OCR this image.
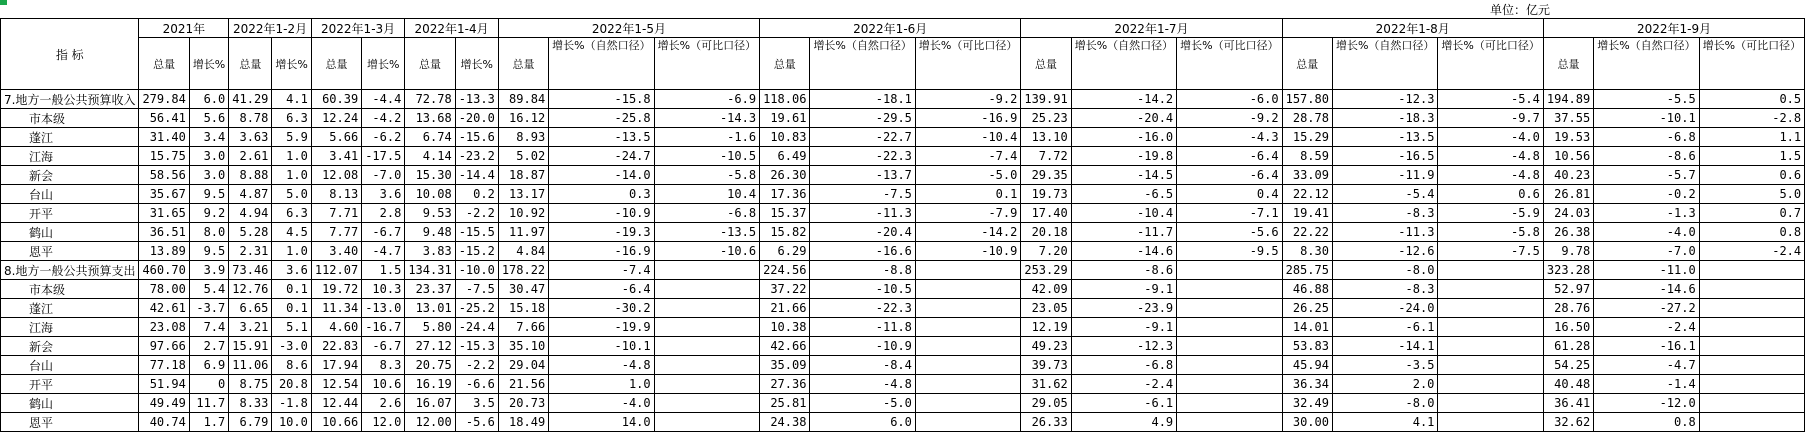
单位：亿元
指 标	2021年		2022年1-2月		2022年1-3月		2022年1-4月		2022年1-5月			2022年1-6月			2022年1-7月			2022年1-8月			2022年1-9月		
	总量	增长%	总量	增长%	总量	增长%	总量	增长%	总量	增长%（自然口径）	增长%（可比口径）	总量	增长%（自然口径）	增长%（可比口径）	总量	增长%（自然口径）	增长%（可比口径）	总量	增长%（自然口径）	增长%（可比口径）	总量	增长%（自然口径）	增长%（可比口径）
7.地方一般公共预算收入	279.84	6.0	41.29	4.1	60.39	-4.4	72.78	-13.3	89.84	-15.8	-6.9	118.06	-18.1	-9.2	139.91	-14.2	-6.0	157.80	-12.3	-5.4	194.89	-5.5	0.5
市本级	56.41	5.6	8.78	6.3	12.24	-4.2	13.68	-20.0	16.12	-25.8	-14.3	19.61	-29.5	-16.9	25.23	-20.4	-9.2	28.78	-18.3	-9.7	37.55	-10.1	-2.8
蓬江	31.40	3.4	3.63	5.9	5.66	-6.2	6.74	-15.6	8.93	-13.5	-1.6	10.83	-22.7	-10.4	13.10	-16.0	-4.3	15.29	-13.5	-4.0	19.53	-6.8	1.1
江海	15.75	3.0	2.61	1.0	3.41	-17.5	4.14	-23.2	5.02	-24.7	-10.5	6.49	-22.3	-7.4	7.72	-19.8	-6.4	8.59	-16.5	-4.8	10.56	-8.6	1.5
新会	58.56	3.0	8.88	1.0	12.08	-7.0	15.30	-14.4	18.87	-14.0	-5.8	26.30	-13.7	-5.0	29.35	-14.5	-6.4	33.09	-11.9	-4.8	40.23	-5.7	0.6
台山	35.67	9.5	4.87	5.0	8.13	3.6	10.08	0.2	13.17	0.3	10.4	17.36	-7.5	0.1	19.73	-6.5	0.4	22.12	-5.4	0.6	26.81	-0.2	5.0
开平	31.65	9.2	4.94	6.3	7.71	2.8	9.53	-2.2	10.92	-10.9	-6.8	15.37	-11.3	-7.9	17.40	-10.4	-7.1	19.41	-8.3	-5.9	24.03	-1.3	0.7
鹤山	36.51	8.0	5.28	4.5	7.77	-6.7	9.48	-15.5	11.97	-19.3	-13.5	15.82	-20.4	-14.2	20.18	-11.7	-5.6	22.22	-11.3	-5.8	26.38	-4.0	0.8
恩平	13.89	9.5	2.31	1.0	3.40	-4.7	3.83	-15.2	4.84	-16.9	-10.6	6.29	-16.6	-10.9	7.20	-14.6	-9.5	8.30	-12.6	-7.5	9.78	-7.0	-2.4
8.地方一般公共预算支出	460.70	3.9	73.46	3.6	112.07	1.5	134.31	-10.0	178.22	-7.4		224.56	-8.8		253.29	-8.6		285.75	-8.0		323.28	-11.0	
市本级	78.00	5.4	12.76	0.1	19.72	10.3	23.37	-7.5	30.47	-6.4		37.22	-10.5		42.09	-9.1		46.88	-8.3		52.97	-14.6	
蓬江	42.61	-3.7	6.65	0.1	11.34	-13.0	13.01	-25.2	15.18	-30.2		21.66	-22.3		23.05	-23.9		26.25	-24.0		28.76	-27.2	
江海	23.08	7.4	3.21	5.1	4.60	-16.7	5.80	-24.4	7.66	-19.9		10.38	-11.8		12.19	-9.1		14.01	-6.1		16.50	-2.4	
新会	97.66	2.7	15.91	-3.0	22.83	-6.7	27.12	-15.3	35.10	-10.1		42.66	-10.9		49.23	-12.3		53.83	-14.1		61.28	-16.1	
台山	77.18	6.9	11.06	8.6	17.94	8.3	20.75	-2.2	29.04	-4.8		35.09	-8.4		39.73	-6.8		45.94	-3.5		54.25	-4.7	
开平	51.94	0	8.75	20.8	12.54	10.6	16.19	-6.6	21.56	1.0		27.36	-4.8		31.62	-2.4		36.34	2.0		40.48	-1.4	
鹤山	49.49	11.7	8.33	-1.8	12.44	2.6	16.07	3.5	20.73	-4.0		25.81	-5.0		29.05	-6.1		32.49	-8.0		36.41	-12.0	
恩平	40.74	1.7	6.79	10.0	10.66	12.0	12.00	-5.6	18.49	14.0		24.38	6.0		26.33	4.9		30.00	4.1		32.62	0.8	
